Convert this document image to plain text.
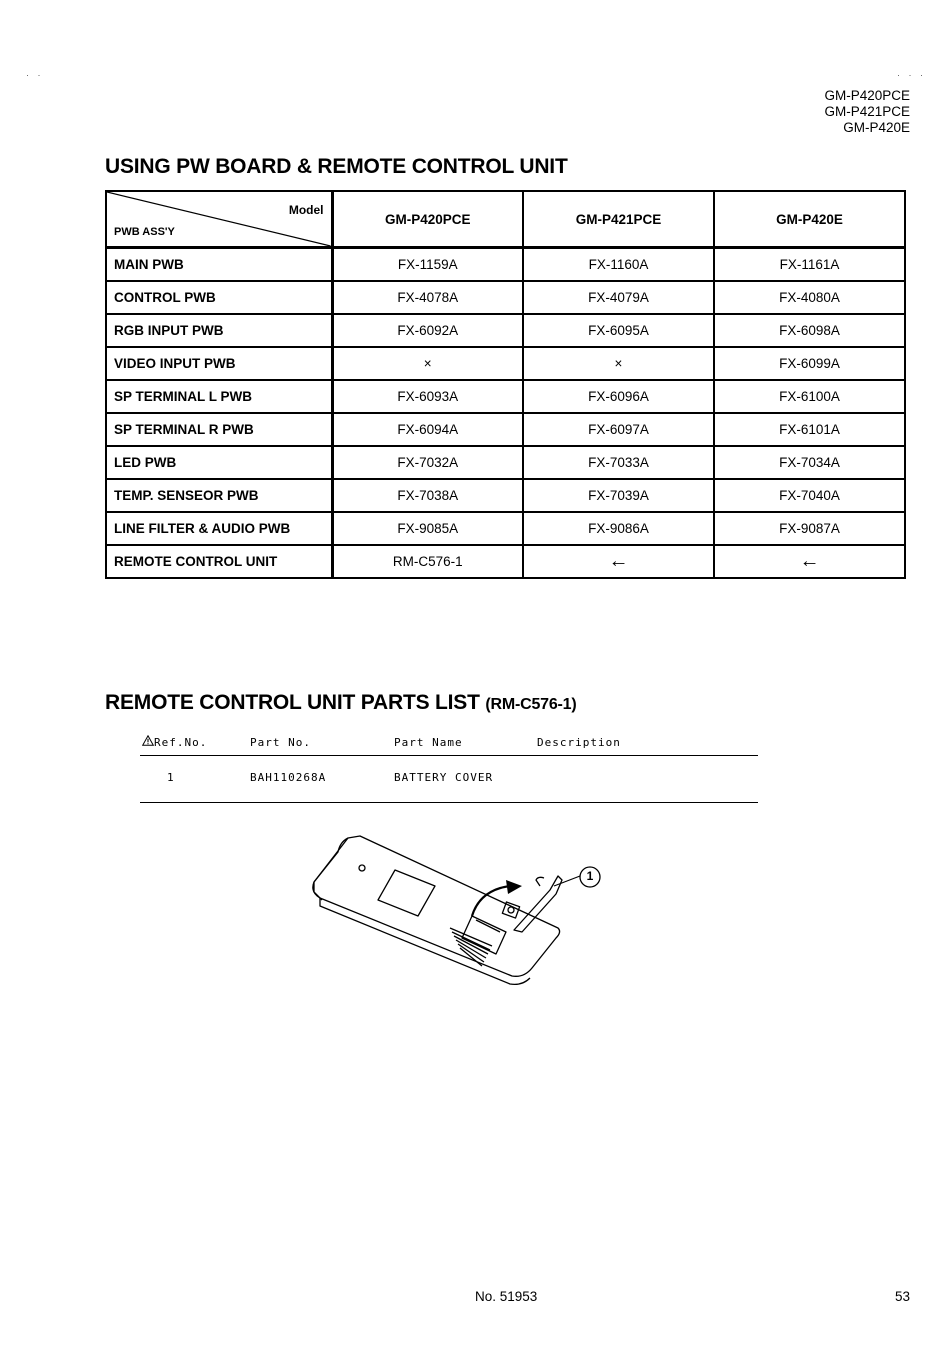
· ·	· · ·
GM-P420PCE
GM-P421PCE
GM-P420E
USING PW BOARD & REMOTE CONTROL UNIT
Model
PWB ASS'Y	GM-P420PCE	GM-P421PCE	GM-P420E
MAIN PWB	FX-1159A	FX-1160A	FX-1161A
CONTROL PWB	FX-4078A	FX-4079A	FX-4080A
RGB INPUT PWB	FX-6092A	FX-6095A	FX-6098A
VIDEO INPUT PWB	×	×	FX-6099A
SP TERMINAL L PWB	FX-6093A	FX-6096A	FX-6100A
SP TERMINAL R PWB	FX-6094A	FX-6097A	FX-6101A
LED PWB	FX-7032A	FX-7033A	FX-7034A
TEMP. SENSEOR PWB	FX-7038A	FX-7039A	FX-7040A
LINE FILTER & AUDIO PWB	FX-9085A	FX-9086A	FX-9087A
REMOTE CONTROL UNIT	RM-C576-1	←	←
REMOTE CONTROL UNIT PARTS LIST (RM-C576-1)
Ref.No.	Part No.	Part Name	Description
1	BAH110268A	BATTERY COVER
1
No. 51953	53
